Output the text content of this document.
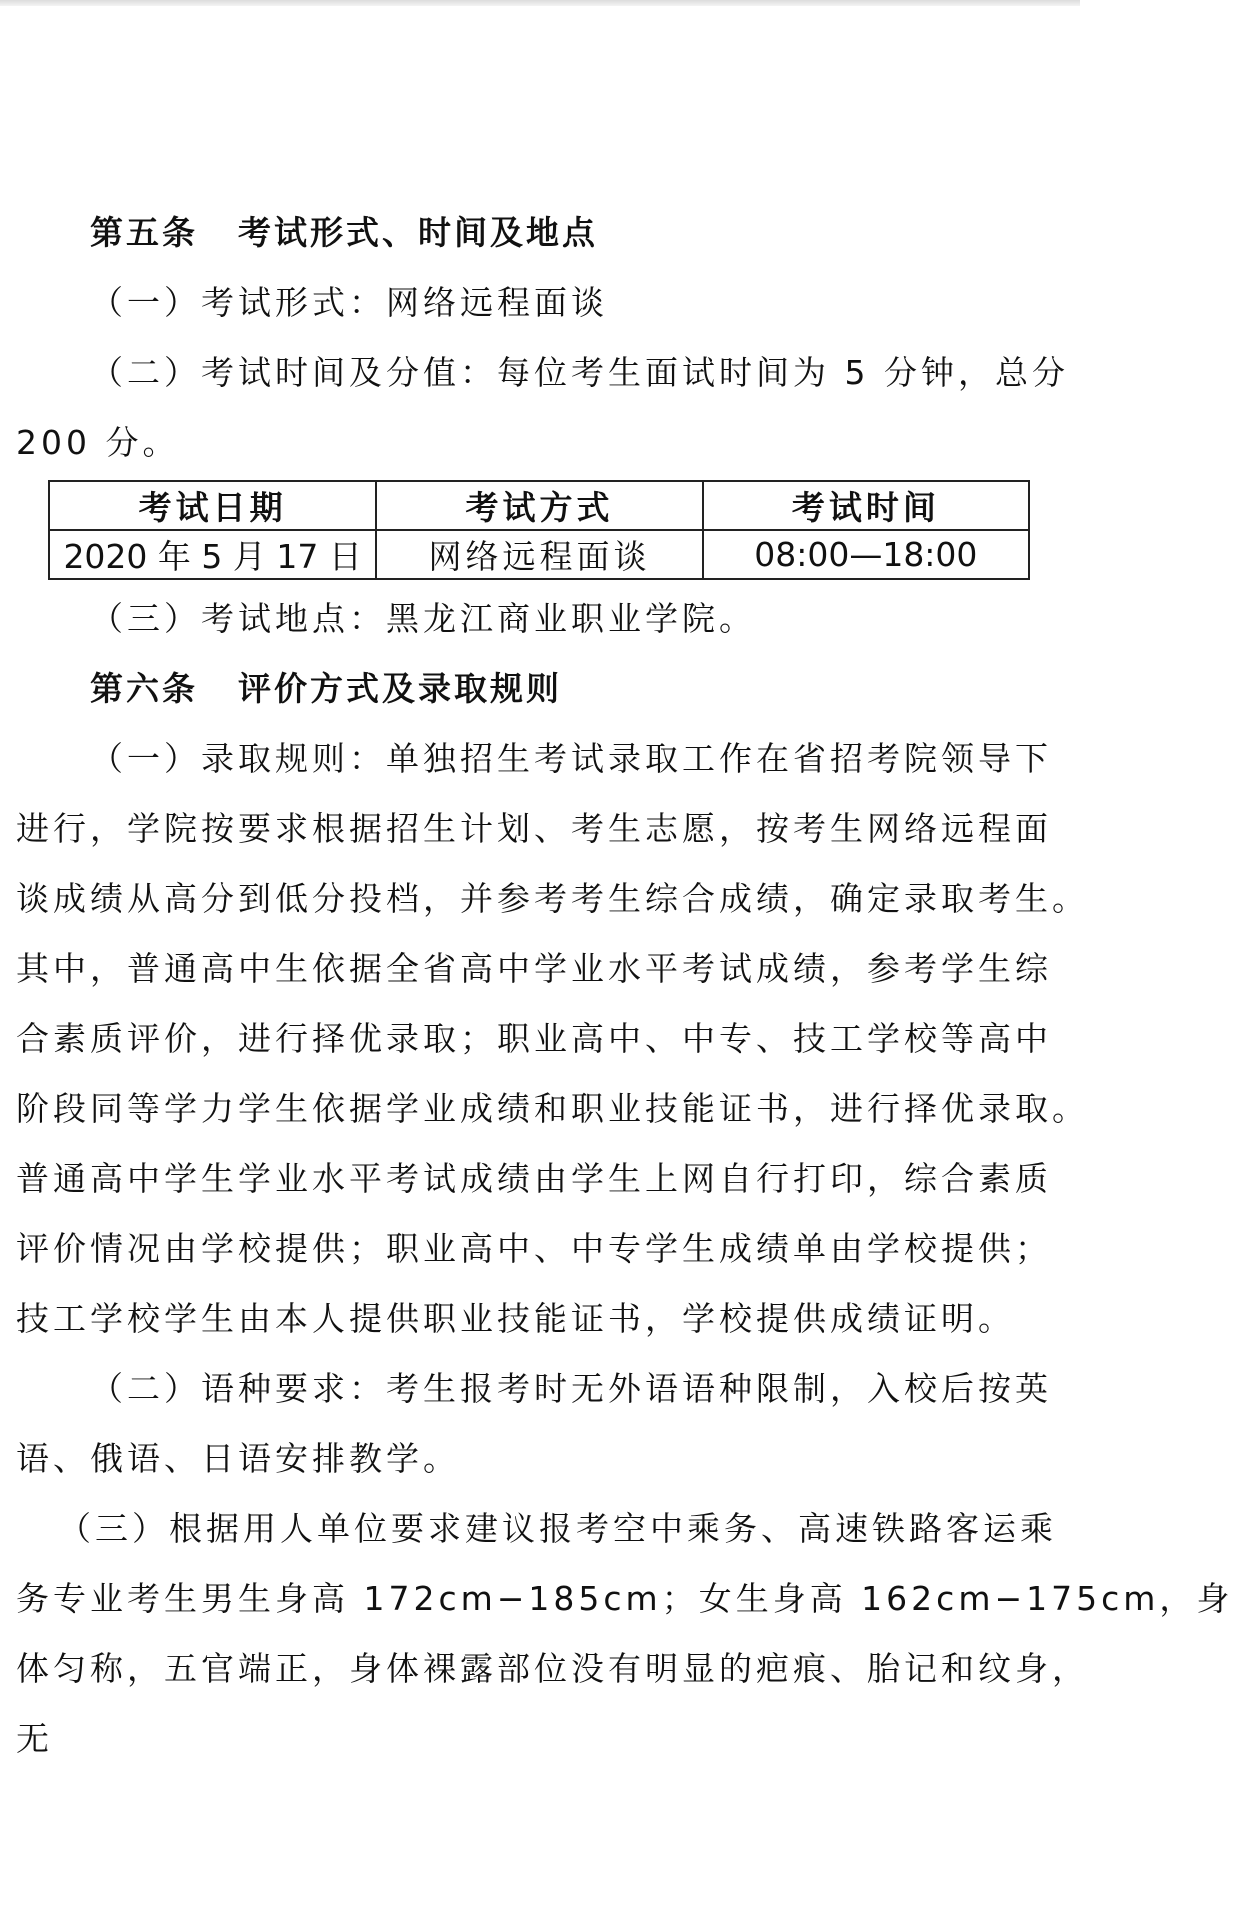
第五条 考试形式、时间及地点
（一）考试形式：网络远程面谈
（二）考试时间及分值：每位考生面试时间为 5 分钟，总分
200 分。
考试日期	考试方式	考试时间
2020 年 5 月 17 日	网络远程面谈	08:00—18:00
（三）考试地点：黑龙江商业职业学院。
第六条 评价方式及录取规则
（一）录取规则：单独招生考试录取工作在省招考院领导下
进行，学院按要求根据招生计划、考生志愿，按考生网络远程面
谈成绩从高分到低分投档，并参考考生综合成绩，确定录取考生。
其中，普通高中生依据全省高中学业水平考试成绩，参考学生综
合素质评价，进行择优录取；职业高中、中专、技工学校等高中
阶段同等学力学生依据学业成绩和职业技能证书，进行择优录取。
普通高中学生学业水平考试成绩由学生上网自行打印，综合素质
评价情况由学校提供；职业高中、中专学生成绩单由学校提供；
技工学校学生由本人提供职业技能证书，学校提供成绩证明。
（二）语种要求：考生报考时无外语语种限制，入校后按英
语、俄语、日语安排教学。
（三）根据用人单位要求建议报考空中乘务、高速铁路客运乘
务专业考生男生身高 172cm−185cm；女生身高 162cm−175cm，身
体匀称，五官端正，身体裸露部位没有明显的疤痕、胎记和纹身，
无
